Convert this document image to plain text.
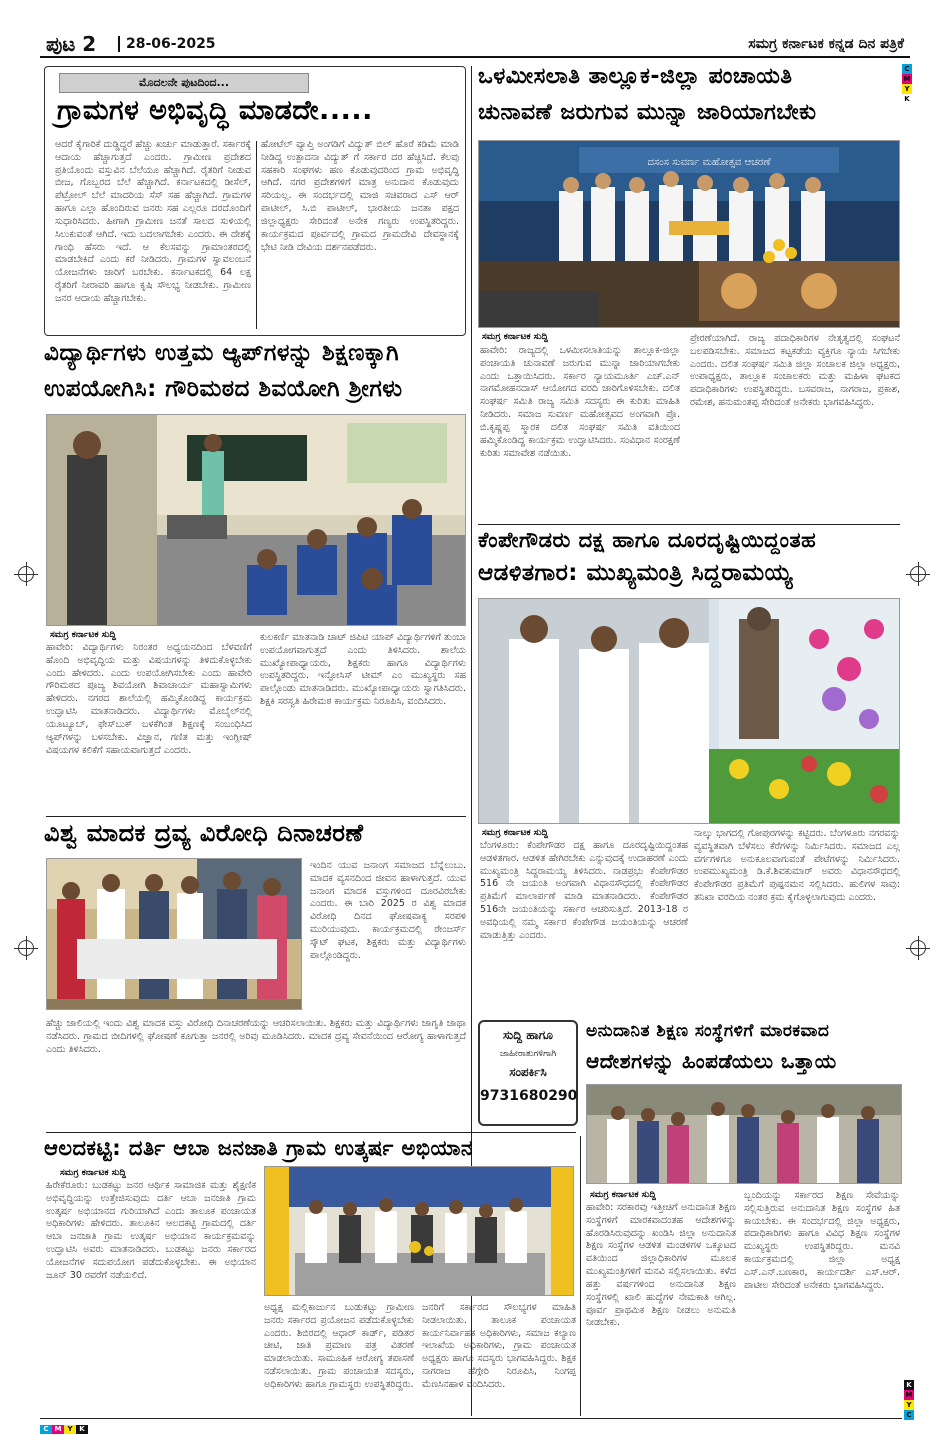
ಪುಟ 2	28-06-2025	ಸಮಗ್ರ ಕರ್ನಾಟಕ ಕನ್ನಡ ದಿನ ಪತ್ರಿಕೆ
C
M
Y
K
K
M
Y
C
C M Y K
ಮೊದಲನೇ ಪುಟದಿಂದ...
ಗ್ರಾಮಗಳ ಅಭಿವೃದ್ಧಿ ಮಾಡದೇ.....
ಆದರೆ ಕೈಗಾರಿಕೆ ದುಡ್ಡಿದ್ದರೆ ಹೆಚ್ಚು ಖರ್ಚು ಮಾಡುತ್ತಾರೆ. ಸರ್ಕಾರಕ್ಕೆ ಆದಾಯ ಹೆಚ್ಚಾಗುತ್ತದೆ ಎಂದರು. ಗ್ರಾಮೀಣ ಪ್ರದೇಶದ ಪ್ರತಿಯೊಂದು ವಸ್ತುವಿನ ಬೆಲೆಯೂ ಹೆಚ್ಚಾಗಿದೆ. ರೈತರಿಗೆ ನೀಡುವ ಬೀಜ, ಗೊಬ್ಬರದ ಬೆಲೆ ಹೆಚ್ಚಾಗಿದೆ. ಕರ್ನಾಟಕದಲ್ಲಿ ಡೀಸೆಲ್, ಪೆಟ್ರೋಲ್ ಬೆಲೆ ಮಾದರಿಯ ಸೆಸ್ ಸಹ ಹೆಚ್ಚಾಗಿದೆ. ಗ್ರಾಮಗಳ ಹಾಗೂ ಎಲ್ಲಾ ಹೊಂದಿರುವ ಜನರು ಸಹ ಎಲ್ಲರೂ ದರದೊಂದಿಗೆ ಸುಧಾರಿಸಿದರು. ಹೀಗಾಗಿ ಗ್ರಾಮೀಣ ಜನತೆ ಸಾಲದ ಸುಳಿಯಲ್ಲಿ ಸಿಲುಕುವಂತೆ ಆಗಿದೆ. ಇದು ಬದಲಾಗಬೇಕು ಎಂದರು. ಈ ದೇಶಕ್ಕೆ ಗಾಂಧಿ ಹೆಸರು ಇದೆ. ಆ ಕೆಲಸವನ್ನು ಗ್ರಾಮಾಂತರದಲ್ಲಿ ಮಾಡಬೇಕಿದೆ ಎಂದು ಕರೆ ನೀಡಿದರು. ಗ್ರಾಮಗಳ ಸ್ವಾವಲಂಬನೆ ಯೋಜನೆಗಳು ಜಾರಿಗೆ ಬರಬೇಕು. ಕರ್ನಾಟಕದಲ್ಲಿ 64 ಲಕ್ಷ ರೈತರಿಗೆ ನೀರಾವರಿ ಹಾಗೂ ಕೃಷಿ ಸೌಲಭ್ಯ ನೀಡಬೇಕು. ಗ್ರಾಮೀಣ ಜನರ ಆದಾಯ ಹೆಚ್ಚಾಗಬೇಕು.
ಹೋಟೆಲ್ ವ್ಯಾಪ್ತಿ ಅಂಗಡಿಗೆ ವಿದ್ಯುತ್ ಬಿಲ್ ಹೊರೆ ಕಡಿಮೆ ಮಾಡಿ ನೀಡಿದ್ದ ಉತ್ಪಾದನಾ ವಿದ್ಯುತ್ ಗೆ ಸರ್ಕಾರ ದರ ಹೆಚ್ಚಿಸಿದೆ. ಕೆಲವು ಸಹಕಾರಿ ಸಂಘಗಳು ಹಣ ಕೊಡುವುದರಿಂದ ಗ್ರಾಮ ಅಭಿವೃದ್ಧಿ ಆಗಿದೆ. ನಗರ ಪ್ರದೇಶಗಳಿಗೆ ಮಾತ್ರ ಅನುದಾನ ಕೊಡುವುದು ಸರಿಯಲ್ಲ. ಈ ಸಂದರ್ಭದಲ್ಲಿ ಮಾಜಿ ಸಚಿವರಾದ ಎಸ್ ಆರ್ ಪಾಟೀಲ್, ಸಿ.ಬಿ ಪಾಟೀಲ್, ಭಾರತೀಯ ಜನತಾ ಪಕ್ಷದ ಜಿಲ್ಲಾಧ್ಯಕ್ಷರು ಸೇರಿದಂತೆ ಅನೇಕ ಗಣ್ಯರು ಉಪಸ್ಥಿತರಿದ್ದರು. ಕಾರ್ಯಕ್ರಮದ ಪೂರ್ವದಲ್ಲಿ ಗ್ರಾಮದ ಗ್ರಾಮದೇವಿ ದೇವಸ್ಥಾನಕ್ಕೆ ಭೇಟಿ ನೀಡಿ ದೇವಿಯ ದರ್ಶನಪಡೆದರು.
ಒಳಮೀಸಲಾತಿ ತಾಲ್ಲೂಕ-ಜಿಲ್ಲಾ ಪಂಚಾಯತಿ
ಚುನಾವಣೆ ಜರುಗುವ ಮುನ್ನಾ ಜಾರಿಯಾಗಬೇಕು
ದಸಂಸ ಸುವರ್ಣ ಮಹೋತ್ಸವ ಆಚರಣೆ
ಸಮಗ್ರ ಕರ್ನಾಟಕ ಸುದ್ದಿ
ಹಾವೇರಿ: ರಾಜ್ಯದಲ್ಲಿ ಒಳಮೀಸಲಾತಿಯನ್ನು ತಾಲ್ಲೂಕ-ಜಿಲ್ಲಾ ಪಂಚಾಯತಿ ಚುನಾವಣೆ ಜರುಗುವ ಮುನ್ನಾ ಜಾರಿಯಾಗಬೇಕು ಎಂದು ಒತ್ತಾಯಿಸಿದರು. ಸರ್ಕಾರ ನ್ಯಾಯಮೂರ್ತಿ ಎಚ್.ಎನ್ ನಾಗಮೋಹನದಾಸ್ ಆಯೋಗದ ವರದಿ ಜಾರಿಗೊಳಿಸಬೇಕು. ದಲಿತ ಸಂಘರ್ಷ ಸಮಿತಿ ರಾಜ್ಯ ಸಮಿತಿ ಸದಸ್ಯರು ಈ ಕುರಿತು ಮಾಹಿತಿ ನೀಡಿದರು. ಸಮಾಜ ಸುವರ್ಣ ಮಹೋತ್ಸವದ ಅಂಗವಾಗಿ ಪ್ರೊ. ಬಿ.ಕೃಷ್ಣಪ್ಪ ಸ್ಮಾರಕ ದಲಿತ ಸಂಘರ್ಷ ಸಮಿತಿ ವತಿಯಿಂದ ಹಮ್ಮಿಕೊಂಡಿದ್ದ ಕಾರ್ಯಕ್ರಮ ಉದ್ಘಾಟಿಸಿದರು. ಸಂವಿಧಾನ ಸಂರಕ್ಷಣೆ ಕುರಿತು ಸಮಾವೇಶ ನಡೆಯಿತು.
ಪ್ರೇರಣೆಯಾಗಿದೆ. ರಾಜ್ಯ ಪದಾಧಿಕಾರಿಗಳ ನೇತೃತ್ವದಲ್ಲಿ ಸಂಘಟನೆ ಬಲಪಡಿಸಬೇಕು. ಸಮಾಜದ ಕಟ್ಟಕಡೆಯ ವ್ಯಕ್ತಿಗೂ ನ್ಯಾಯ ಸಿಗಬೇಕು ಎಂದರು. ದಲಿತ ಸಂಘರ್ಷ ಸಮಿತಿ ಜಿಲ್ಲಾ ಸಂಚಾಲಕ ಜಿಲ್ಲಾ ಅಧ್ಯಕ್ಷರು, ಉಪಾಧ್ಯಕ್ಷರು, ತಾಲ್ಲೂಕ ಸಂಚಾಲಕರು ಮತ್ತು ಮಹಿಳಾ ಘಟಕದ ಪದಾಧಿಕಾರಿಗಳು ಉಪಸ್ಥಿತರಿದ್ದರು. ಬಸವರಾಜ, ನಾಗರಾಜ, ಪ್ರಕಾಶ, ರಮೇಶ, ಹನುಮಂತಪ್ಪ ಸೇರಿದಂತೆ ಅನೇಕರು ಭಾಗವಹಿಸಿದ್ದರು.
ವಿದ್ಯಾರ್ಥಿಗಳು ಉತ್ತಮ ಆ್ಯಪ್‌ಗಳನ್ನು ಶಿಕ್ಷಣಕ್ಕಾಗಿ
ಉಪಯೋಗಿಸಿ: ಗೌರಿಮಠದ ಶಿವಯೋಗಿ ಶ್ರೀಗಳು
ಸಮಗ್ರ ಕರ್ನಾಟಕ ಸುದ್ದಿ
ಹಾವೇರಿ: ವಿದ್ಯಾರ್ಥಿಗಳು ನಿರಂತರ ಅಧ್ಯಯನದಿಂದ ಬೆಳವಣಿಗೆ ಹೊಂದಿ ಅಭಿವೃದ್ಧಿಯ ಮತ್ತು ವಿಷಯಗಳನ್ನು ತಿಳಿದುಕೊಳ್ಳಬೇಕು ಎಂದು ಹೇಳಿದರು. ಎಂದು ಉಪಯೋಗಿಸಬೇಕು ಎಂದು ಹಾವೇರಿ ಗೌರಿಮಠದ ಪೂಜ್ಯ ಶಿವಯೋಗಿ ಶಿವಾಚಾರ್ಯ ಮಹಾಸ್ವಾಮಿಗಳು ಹೇಳಿದರು. ನಗರದ ಶಾಲೆಯಲ್ಲಿ ಹಮ್ಮಿಕೊಂಡಿದ್ದ ಕಾರ್ಯಕ್ರಮ ಉದ್ಘಾಟಿಸಿ ಮಾತನಾಡಿದರು. ವಿದ್ಯಾರ್ಥಿಗಳು ಮೊಬೈಲ್‌ನಲ್ಲಿ ಯೂಟ್ಯೂಬ್, ಫೇಸ್‌ಬುಕ್ ಬಳಕೆಗಿಂತ ಶಿಕ್ಷಣಕ್ಕೆ ಸಂಬಂಧಿಸಿದ ಆ್ಯಪ್‌ಗಳನ್ನು ಬಳಸಬೇಕು. ವಿಜ್ಞಾನ, ಗಣಿತ ಮತ್ತು ಇಂಗ್ಲೀಷ್ ವಿಷಯಗಳ ಕಲಿಕೆಗೆ ಸಹಾಯವಾಗುತ್ತದೆ ಎಂದರು.
ಕುಲಕರ್ಣಿ ಮಾತನಾಡಿ ಚಾಟ್ ಜಿಪಿಟಿ ಯಾಪ್ ವಿದ್ಯಾರ್ಥಿಗಳಿಗೆ ತುಂಬಾ ಉಪಯೋಗವಾಗುತ್ತದೆ ಎಂದು ತಿಳಿಸಿದರು. ಶಾಲೆಯ ಮುಖ್ಯೋಪಾಧ್ಯಾಯರು, ಶಿಕ್ಷಕರು ಹಾಗೂ ವಿದ್ಯಾರ್ಥಿಗಳು ಉಪಸ್ಥಿತರಿದ್ದರು. ಇನ್ಫೋಸಿಸ್ ಟೀಮ್ ಎಂ ಮುಖ್ಯಸ್ಥರು ಸಹ ಪಾಲ್ಗೊಂಡು ಮಾತನಾಡಿದರು. ಮುಖ್ಯೋಪಾಧ್ಯಾಯರು ಸ್ವಾಗತಿಸಿದರು. ಶಿಕ್ಷಕಿ ಸರಸ್ವತಿ ಹಿರೇಮಠ ಕಾರ್ಯಕ್ರಮ ನಿರೂಪಿಸಿ, ವಂದಿಸಿದರು.
ಕೆಂಪೇಗೌಡರು ದಕ್ಷ ಹಾಗೂ ದೂರದೃಷ್ಟಿಯಿದ್ದಂತಹ
ಆಡಳಿತಗಾರ: ಮುಖ್ಯಮಂತ್ರಿ ಸಿದ್ದರಾಮಯ್ಯ
ಸಮಗ್ರ ಕರ್ನಾಟಕ ಸುದ್ದಿ
ಬೆಂಗಳೂರು: ಕೆಂಪೇಗೌಡರ ದಕ್ಷ ಹಾಗೂ ದೂರದೃಷ್ಟಿಯಿದ್ದಂತಹ ಆಡಳಿತಗಾರ. ಆಡಳಿತ ಹೇಗಿರಬೇಕು ಎನ್ನುವುದಕ್ಕೆ ಉದಾಹರಣೆ ಎಂದು ಮುಖ್ಯಮಂತ್ರಿ ಸಿದ್ದರಾಮಯ್ಯ ತಿಳಿಸಿದರು. ನಾಡಪ್ರಭು ಕೆಂಪೇಗೌಡರ 516 ನೇ ಜಯಂತಿ ಅಂಗವಾಗಿ ವಿಧಾನಸೌಧದಲ್ಲಿ ಕೆಂಪೇಗೌಡರ ಪ್ರತಿಮೆಗೆ ಮಾಲಾರ್ಪಣೆ ಮಾಡಿ ಮಾತನಾಡಿದರು. ಕೆಂಪೇಗೌಡರ 516ನೇ ಜಯಂತಿಯನ್ನು ಸರ್ಕಾರ ಆಚರಿಸುತ್ತಿದೆ. 2013-18 ರ ಅವಧಿಯಲ್ಲಿ ನಮ್ಮ ಸರ್ಕಾರ ಕೆಂಪೇಗೌಡ ಜಯಂತಿಯನ್ನು ಆಚರಣೆ ಮಾಡುತ್ತಿತ್ತು ಎಂದರು.
ನಾಲ್ಕು ಭಾಗದಲ್ಲಿ ಗೋಪುರಗಳನ್ನು ಕಟ್ಟಿದರು. ಬೆಂಗಳೂರು ನಗರವನ್ನು ವ್ಯವಸ್ಥಿತವಾಗಿ ಬೆಳೆಸಲು ಕೆರೆಗಳನ್ನು ನಿರ್ಮಿಸಿದರು. ಸಮಾಜದ ಎಲ್ಲ ವರ್ಗಗಳಿಗೂ ಅನುಕೂಲವಾಗುವಂತೆ ಪೇಟೆಗಳನ್ನು ನಿರ್ಮಿಸಿದರು. ಉಪಮುಖ್ಯಮಂತ್ರಿ ಡಿ.ಕೆ.ಶಿವಕುಮಾರ್ ಅವರು ವಿಧಾನಸೌಧದಲ್ಲಿ ಕೆಂಪೇಗೌಡರ ಪ್ರತಿಮೆಗೆ ಪುಷ್ಪನಮನ ಸಲ್ಲಿಸಿದರು. ಹುಲಿಗಳ ಸಾವು: ತನಿಖಾ ವರದಿಯ ನಂತರ ಕ್ರಮ ಕೈಗೊಳ್ಳಲಾಗುವುದು ಎಂದರು.
ವಿಶ್ವ ಮಾದಕ ದ್ರವ್ಯ ವಿರೋಧಿ ದಿನಾಚರಣೆ
ಇಂದಿನ ಯುವ ಜನಾಂಗ ಸಮಾಜದ ಬೆನ್ನೆಲುಬು. ಮಾದಕ ವ್ಯಸನದಿಂದ ಜೀವನ ಹಾಳಾಗುತ್ತದೆ. ಯುವ ಜನಾಂಗ ಮಾದಕ ವಸ್ತುಗಳಿಂದ ದೂರವಿರಬೇಕು ಎಂದರು. ಈ ಬಾರಿ 2025 ರ ವಿಶ್ವ ಮಾದಕ ವಿರೋಧಿ ದಿನದ ಘೋಷವಾಕ್ಯ ಸರಪಳಿ ಮುರಿಯುವುದು. ಕಾರ್ಯಕ್ರಮದಲ್ಲಿ ರೇಂಜರ್ಸ್ ಸ್ಕೌಟ್ ಘಟಕ, ಶಿಕ್ಷಕರು ಮತ್ತು ವಿದ್ಯಾರ್ಥಿಗಳು ಪಾಲ್ಗೊಂಡಿದ್ದರು.
ಹೆಚ್ಚು ಜಾಲಿಯಲ್ಲಿ ಇಂದು ವಿಶ್ವ ಮಾದಕ ವಸ್ತು ವಿರೋಧಿ ದಿನಾಚರಣೆಯನ್ನು ಆಚರಿಸಲಾಯಿತು. ಶಿಕ್ಷಕರು ಮತ್ತು ವಿದ್ಯಾರ್ಥಿಗಳು ಜಾಗೃತಿ ಜಾಥಾ ನಡೆಸಿದರು. ಗ್ರಾಮದ ಬೀದಿಗಳಲ್ಲಿ ಘೋಷಣೆ ಕೂಗುತ್ತಾ ಜನರಲ್ಲಿ ಅರಿವು ಮೂಡಿಸಿದರು. ಮಾದಕ ದ್ರವ್ಯ ಸೇವನೆಯಿಂದ ಆರೋಗ್ಯ ಹಾಳಾಗುತ್ತದೆ ಎಂದು ತಿಳಿಸಿದರು.
ಸುದ್ದಿ ಹಾಗೂ
ಜಾಹೀರಾತುಗಳಿಗಾಗಿ
ಸಂಪರ್ಕಿಸಿ
9731680290
ಅನುದಾನಿತ ಶಿಕ್ಷಣ ಸಂಸ್ಥೆಗಳಿಗೆ ಮಾರಕವಾದ
ಆದೇಶಗಳನ್ನು ಹಿಂಪಡೆಯಲು ಒತ್ತಾಯ
ಸಮಗ್ರ ಕರ್ನಾಟಕ ಸುದ್ದಿ
ಹಾವೇರಿ: ಸರಕಾರವು ಇತ್ತೀಚಿಗೆ ಅನುದಾನಿತ ಶಿಕ್ಷಣ ಸಂಸ್ಥೆಗಳಿಗೆ ಮಾರಕವಾದಂತಹ ಆದೇಶಗಳನ್ನು ಹೊರಡಿಸಿರುವುದನ್ನು ಖಂಡಿಸಿ ಜಿಲ್ಲಾ ಅನುದಾನಿತ ಶಿಕ್ಷಣ ಸಂಸ್ಥೆಗಳ ಆಡಳಿತ ಮಂಡಳಿಗಳ ಒಕ್ಕೂಟದ ವತಿಯಿಂದ ಜಿಲ್ಲಾಧಿಕಾರಿಗಳ ಮೂಲಕ ಮುಖ್ಯಮಂತ್ರಿಗಳಿಗೆ ಮನವಿ ಸಲ್ಲಿಸಲಾಯಿತು. ಕಳೆದ ಹತ್ತು ವರ್ಷಗಳಿಂದ ಅನುದಾನಿತ ಶಿಕ್ಷಣ ಸಂಸ್ಥೆಗಳಲ್ಲಿ ಖಾಲಿ ಹುದ್ದೆಗಳ ನೇಮಕಾತಿ ಆಗಿಲ್ಲ. ಪೂರ್ವ ಪ್ರಾಥಮಿಕ ಶಿಕ್ಷಣ ನೀಡಲು ಅನುಮತಿ ನೀಡಬೇಕು.
ಬ್ಬಂದಿಯನ್ನು ಸರ್ಕಾರದ ಶಿಕ್ಷಣ ಸೇವೆಯನ್ನು ಸಲ್ಲಿಸುತ್ತಿರುವ ಅನುದಾನಿತ ಶಿಕ್ಷಣ ಸಂಸ್ಥೆಗಳ ಹಿತ ಕಾಯಬೇಕು. ಈ ಸಂದರ್ಭದಲ್ಲಿ ಜಿಲ್ಲಾ ಅಧ್ಯಕ್ಷರು, ಪದಾಧಿಕಾರಿಗಳು ಹಾಗೂ ವಿವಿಧ ಶಿಕ್ಷಣ ಸಂಸ್ಥೆಗಳ ಮುಖ್ಯಸ್ಥರು ಉಪಸ್ಥಿತರಿದ್ದರು. ಮನವಿ ಕಾರ್ಯಕ್ರಮದಲ್ಲಿ ಜಿಲ್ಲಾ ಅಧ್ಯಕ್ಷ ಎಸ್.ಎನ್.ಬಣಕಾರ, ಕಾರ್ಯದರ್ಶಿ ಎಸ್.ಆರ್. ಪಾಟೀಲ ಸೇರಿದಂತೆ ಅನೇಕರು ಭಾಗವಹಿಸಿದ್ದರು.
ಆಲದಕಟ್ಟಿ: ದರ್ತಿ ಆಬಾ ಜನಜಾತಿ ಗ್ರಾಮ ಉತ್ಕರ್ಷ ಅಭಿಯಾನ
ಸಮಗ್ರ ಕರ್ನಾಟಕ ಸುದ್ದಿ
ಹಿರೇಕೆರೂರು: ಬುಡಕಟ್ಟು ಜನರ ಆರ್ಥಿಕ ಸಾಮಾಜಿಕ ಮತ್ತು ಶೈಕ್ಷಣಿಕ ಅಭಿವೃದ್ಧಿಯನ್ನು ಉತ್ತೇಜಿಸುವುದು ದರ್ತಿ ಆಬಾ ಜನಜಾತಿ ಗ್ರಾಮ ಉತ್ಕರ್ಷ ಅಭಿಯಾನದ ಗುರಿಯಾಗಿದೆ ಎಂದು ತಾಲೂಕ ಪಂಚಾಯತ ಅಧಿಕಾರಿಗಳು ಹೇಳಿದರು. ತಾಲೂಕಿನ ಆಲದಕಟ್ಟಿ ಗ್ರಾಮದಲ್ಲಿ ದರ್ತಿ ಆಬಾ ಜನಜಾತಿ ಗ್ರಾಮ ಉತ್ಕರ್ಷ ಅಭಿಯಾನ ಕಾರ್ಯಕ್ರಮವನ್ನು ಉದ್ಘಾಟಿಸಿ ಅವರು ಮಾತನಾಡಿದರು. ಬುಡಕಟ್ಟು ಜನರು ಸರ್ಕಾರದ ಯೋಜನೆಗಳ ಸದುಪಯೋಗ ಪಡೆದುಕೊಳ್ಳಬೇಕು. ಈ ಅಭಿಯಾನ ಜೂನ್ 30 ರವರೆಗೆ ನಡೆಯಲಿದೆ.
ಅಧ್ಯಕ್ಷ ಮಲ್ಲಿಕಾರ್ಜುನ ಬುಡುಕಟ್ಟು ಗ್ರಾಮೀಣ ಜನರು ಸರ್ಕಾರದ ಪ್ರಯೋಜನ ಪಡೆದುಕೊಳ್ಳಬೇಕು ಎಂದರು. ಶಿಬಿರದಲ್ಲಿ ಆಧಾರ್ ಕಾರ್ಡ್, ಪಡಿತರ ಚೀಟಿ, ಜಾತಿ ಪ್ರಮಾಣ ಪತ್ರ ವಿತರಣೆ ಮಾಡಲಾಯಿತು. ಸಾಮೂಹಿಕ ಆರೋಗ್ಯ ತಪಾಸಣೆ ನಡೆಸಲಾಯಿತು. ಗ್ರಾಮ ಪಂಚಾಯತ ಸದಸ್ಯರು, ಅಧಿಕಾರಿಗಳು ಹಾಗೂ ಗ್ರಾಮಸ್ಥರು ಉಪಸ್ಥಿತರಿದ್ದರು.
ಜನರಿಗೆ ಸರ್ಕಾರದ ಸೌಲಭ್ಯಗಳ ಮಾಹಿತಿ ನೀಡಲಾಯಿತು. ತಾಲೂಕ ಪಂಚಾಯತ ಕಾರ್ಯನಿರ್ವಾಹಕ ಅಧಿಕಾರಿಗಳು, ಸಮಾಜ ಕಲ್ಯಾಣ ಇಲಾಖೆಯ ಅಧಿಕಾರಿಗಳು, ಗ್ರಾಮ ಪಂಚಾಯತ ಅಧ್ಯಕ್ಷರು ಹಾಗೂ ಸದಸ್ಯರು ಭಾಗವಹಿಸಿದ್ದರು. ಶಿಕ್ಷಕ ನಾಗರಾಜ ಹೆಗ್ಗೇರಿ ನಿರೂಪಿಸಿ, ನಿಂಗಪ್ಪ ಮೆಣಸಿನಹಾಳ ವಂದಿಸಿದರು.
